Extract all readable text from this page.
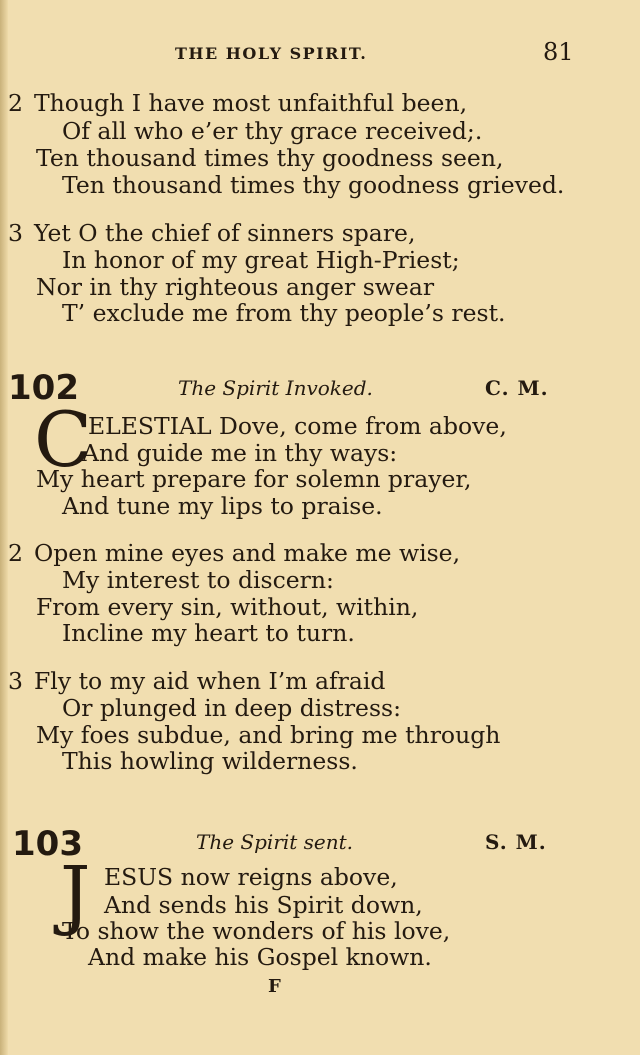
THE HOLY SPIRIT.	81
2 Though I have most unfaithful been,
Of all who e’er thy grace received;.
Ten thousand times thy goodness seen,
Ten thousand times thy goodness grieved.
3 Yet O the chief of sinners spare,
In honor of my great High-Priest;
Nor in thy righteous anger swear
T’ exclude me from thy people’s rest.
102	The Spirit Invoked.	C. M.
C
ELESTIAL Dove, come from above,
And guide me in thy ways:
My heart prepare for solemn prayer,
And tune my lips to praise.
2 Open mine eyes and make me wise,
My interest to discern:
From every sin, without, within,
Incline my heart to turn.
3 Fly to my aid when I’m afraid
Or plunged in deep distress:
My foes subdue, and bring me through
This howling wilderness.
103	The Spirit sent.	S. M.
J ESUS now reigns above,
And sends his Spirit down,
To show the wonders of his love,
And make his Gospel known.
F
